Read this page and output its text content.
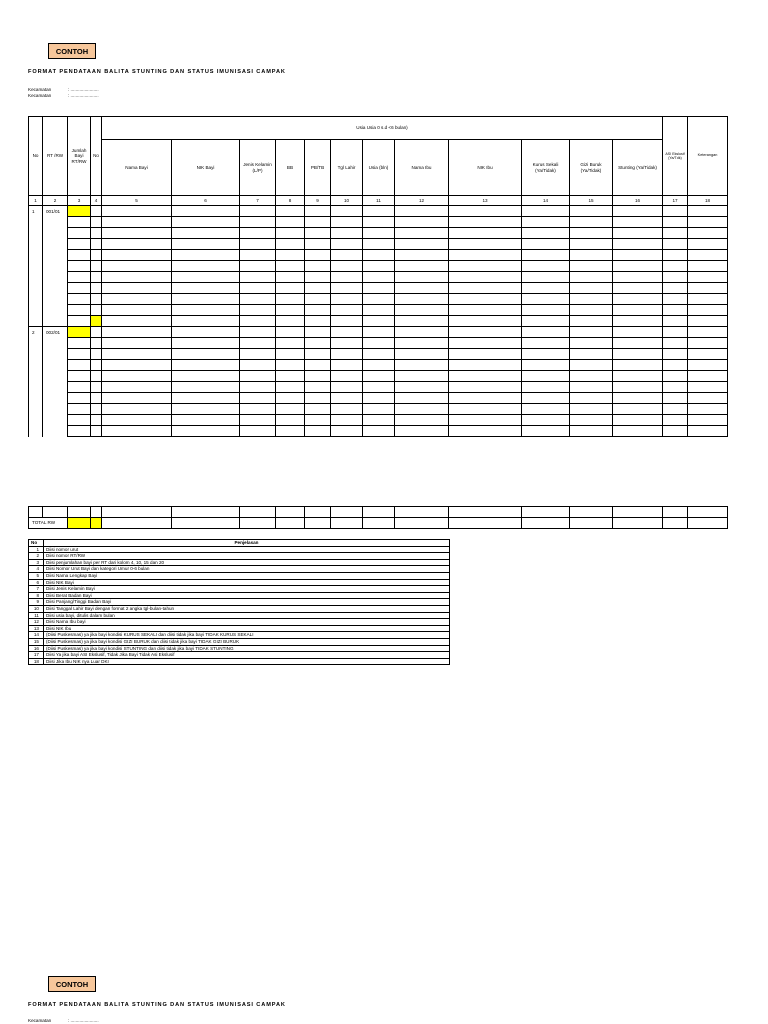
CONTOH
FORMAT PENDATAAN BALITA STUNTING DAN STATUS IMUNISASI CAMPAK
Kecamatan	: ......................
Kecamatan	: ......................
No	RT /RW	Jumlah Bayi RT/RW	No	Usia Usia 0 s.d <6 bulan)												ASI Ekslusif (Ya/Tdk)	Keterangan
				Nama Bayi	NIK Bayi	Jenis Kelamin (L/P)	BB	PB/TB	Tgl Lahir	Usia (bln)	Nama Ibu	NIK Ibu	Kurus Sekali (Ya/Tidak)	Gizi Buruk (Ya/Tidak)	Stunting (Ya/Tidak)		
1	2	3	4	5	6	7	8	9	10	11	12	13	14	15	16	17	18
1	001/01																

2	002/01																

TOTAL RW																	
No	Penjelasan
1	Diisi nomor urut
2	Diisi nomor RT/RW
3	Diisi penjumlahan bayi per RT dari kolom 4, 10, 15 dan 20
4	Diisi Nomor Urut Bayi dan kategori Umur 0-6 bulan
5	Diisi Nama Lengkap Bayi
6	Diisi NIK Bayi
7	Diisi Jenis Kelamin Bayi
8	Diisi Berat Badan Bayi
9	Diisi Panjang/Tinggi Badan Bayi
10	Diisi Tanggal Lahir Bayi dengan format 2 angka tgl-bulan-tahun
11	Diisi usia bayi, ditulis dalam bulan
12	Diisi Nama Ibu bayi
13	Diisi NIK Ibu
14	(Diisi Puskesmas) ya jika bayi kondisi KURUS SEKALI dan diisi tidak jika bayi TIDAK KURUS SEKALI
15	(Diisi Puskesmas) ya jika bayi kondisi GIZI BURUK dan diisi tidak jika bayi TIDAK GIZI BURUK
16	(Diisi Puskesmas) ya jika bayi kondisi STUNTING dan diisi tidak jika bayi TIDAK STUNTING
17	Diisi Ya jika bayi ASI Ekslusif, Tidak Jika Bayi Tidak Asi Ekslusif
18	Diisi Jika Ibu NIK nya Luar DKI
CONTOH
FORMAT PENDATAAN BALITA STUNTING DAN STATUS IMUNISASI CAMPAK
Kecamatan	: ......................
